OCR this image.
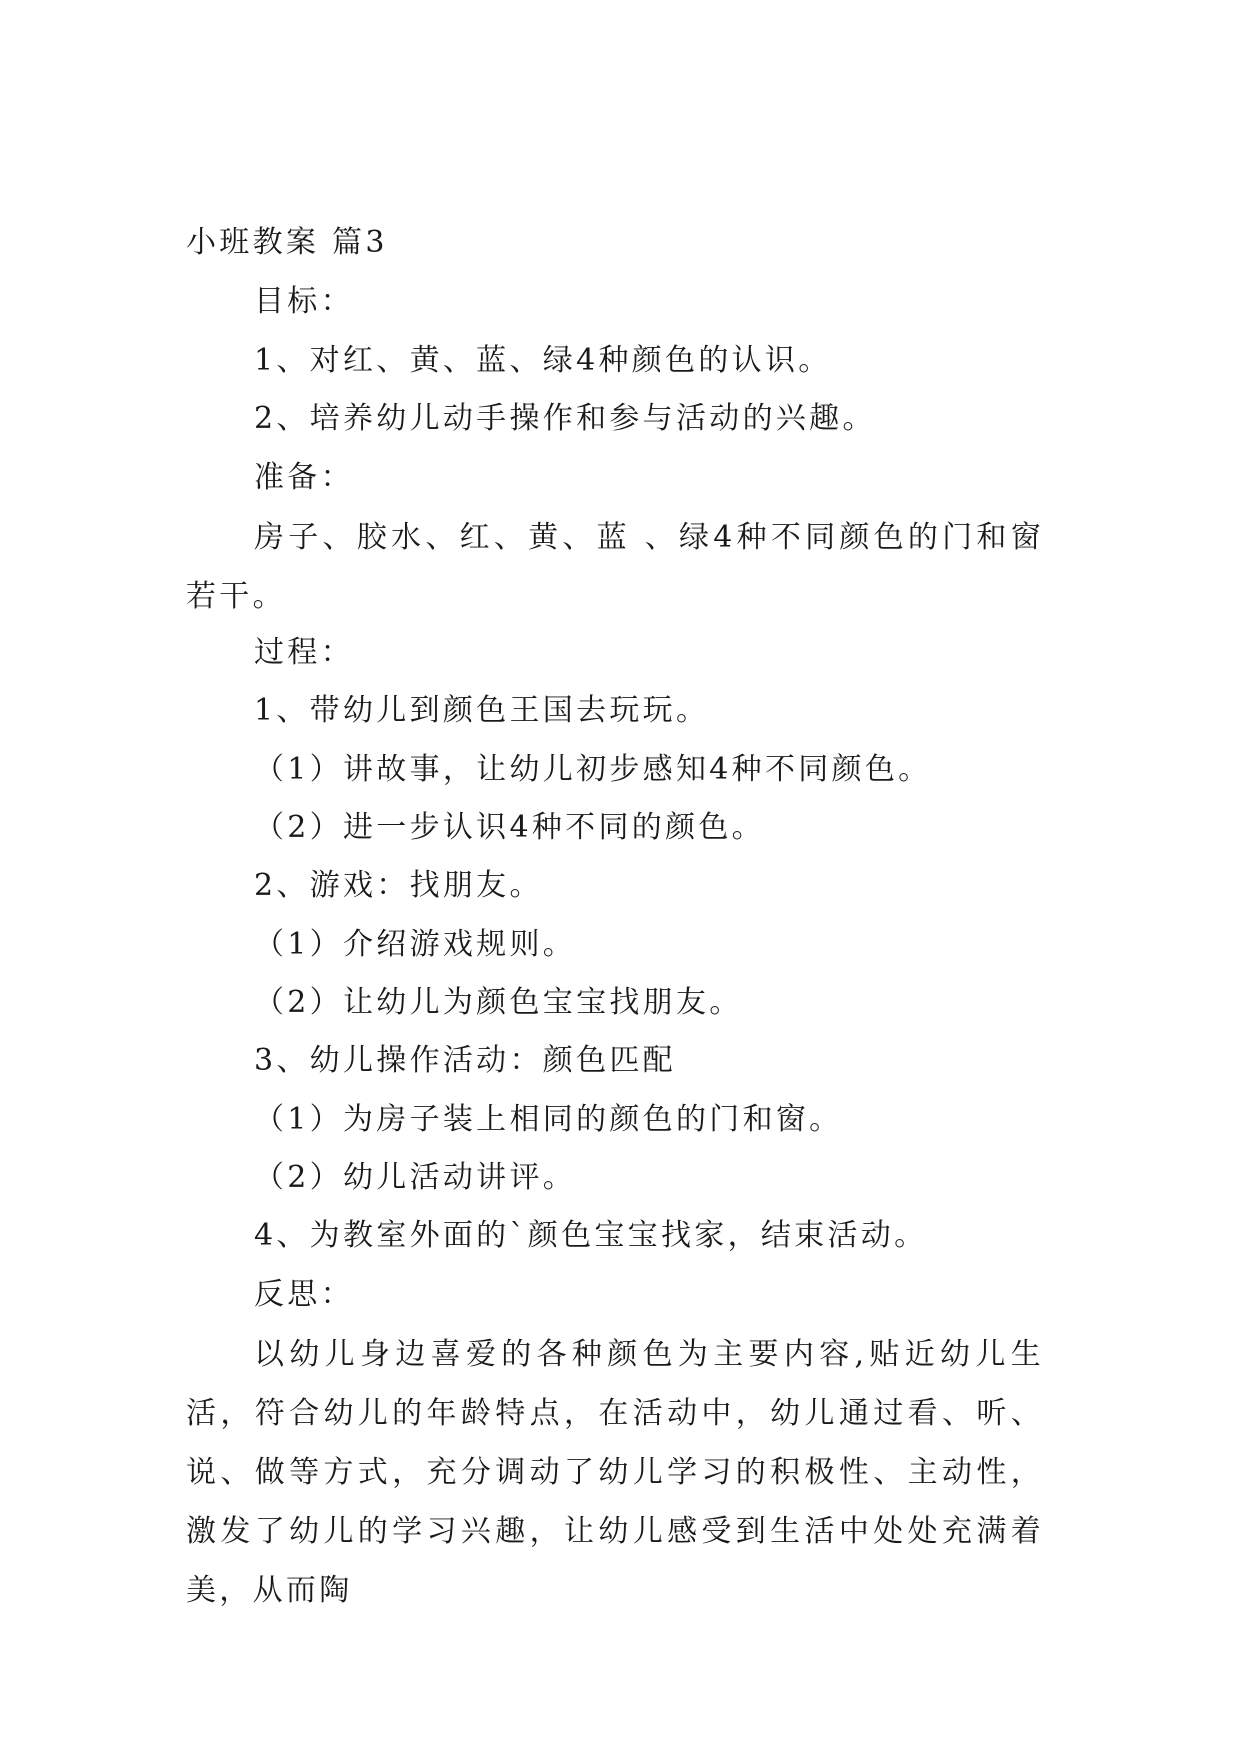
小班教案 篇3

目标：

1、对红、黄、蓝、绿4种颜色的认识。

2、培养幼儿动手操作和参与活动的兴趣。

准备：

房子、胶水、红、黄、蓝 、绿4种不同颜色的门和窗若干。

过程：

1、带幼儿到颜色王国去玩玩。

（1）讲故事，让幼儿初步感知4种不同颜色。

（2）进一步认识4种不同的颜色。

2、游戏：找朋友。

（1）介绍游戏规则。

（2）让幼儿为颜色宝宝找朋友。

3、幼儿操作活动：颜色匹配

（1）为房子装上相同的颜色的门和窗。

（2）幼儿活动讲评。

4、为教室外面的`颜色宝宝找家，结束活动。

反思：

以幼儿身边喜爱的各种颜色为主要内容,贴近幼儿生活，符合幼儿的年龄特点，在活动中，幼儿通过看、听、说、做等方式，充分调动了幼儿学习的积极性、主动性，激发了幼儿的学习兴趣，让幼儿感受到生活中处处充满着美，从而陶
